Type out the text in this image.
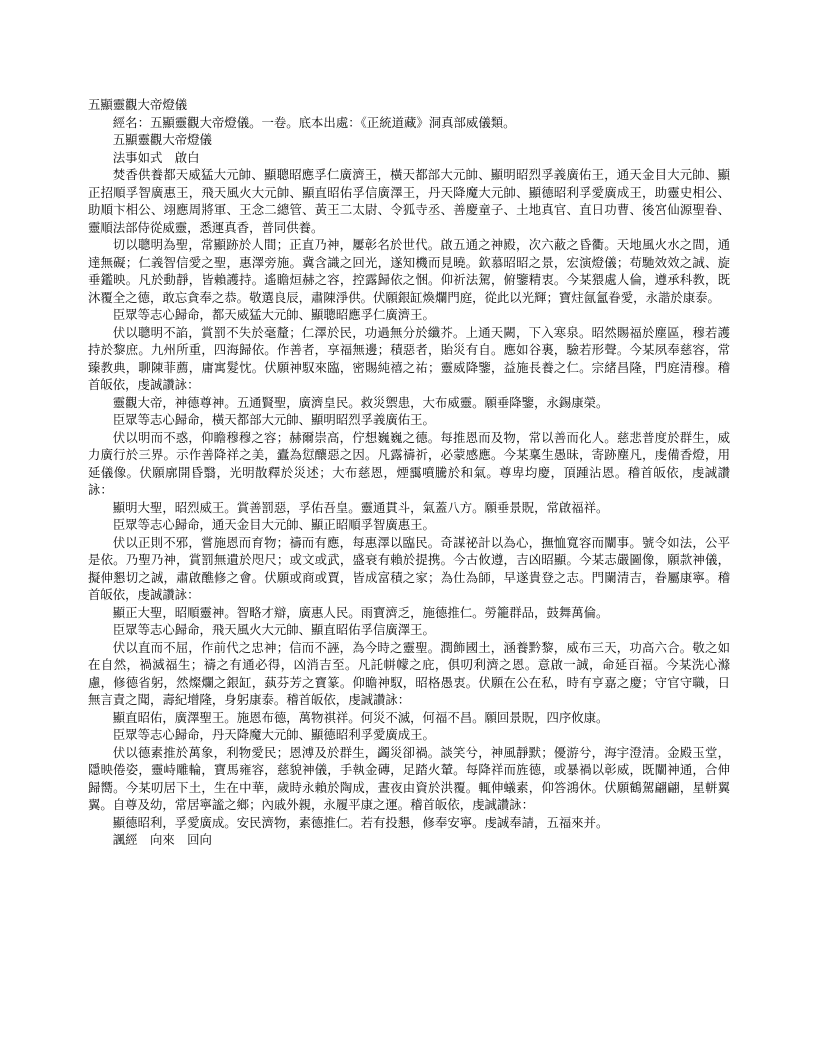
五顯靈觀大帝燈儀
經名：五顯靈觀大帝燈儀。一卷。底本出處：《正統道藏》洞真部威儀類。
五顯靈觀大帝燈儀
法事如式　啟白
焚香供養都天威猛大元帥、顯聰昭應孚仁廣濟王，橫天都部大元帥、顯明昭烈孚義廣佑王，通天金目大元帥、顯正招順孚智廣惠王，飛天風火大元帥、顯直昭佑孚信廣澤王，丹天降魔大元帥、顯德昭利孚愛廣成王，助靈史相公、助順卞相公、翊應周將軍、王念二總管、黃王二太尉、令狐寺丞、善慶童子、土地真官、直日功曹、後宮仙源聖眷、靈順法部侍從威靈，悉運真香，普同供養。
切以聰明為聖，常顯跡於人間；正直乃神，屢彰名於世代。啟五通之神殿，次六蔽之昏衢。天地風火水之間，通達無礙；仁義智信愛之聖，惠澤旁施。冀含識之回光，遂知機而見曉。欽慕昭昭之景，宏演燈儀；苟馳效效之誠、旋垂鑑映。凡於動靜，皆賴護持。遙瞻烜赫之容，控露歸依之悃。仰祈法駕，俯鑒精衷。今某猥處人倫，遵承科教，既沐覆全之德，敢忘貪奉之恭。敬選良辰，肅陳淨供。伏願銀缸煥爛門庭，從此以光輝；寶炷氤氳眷愛，永諧於康泰。
臣眾等志心歸命，都天威猛大元帥、顯聰昭應孚仁廣濟王。
伏以聰明不諂，賞罰不失於毫釐；仁澤於民，功過無分於纖芥。上通天闕，下入寒泉。昭然賜福於塵區，穆若護持於黎庶。九州所重，四海歸依。作善者，享福無邊；積惡者，貽災有自。應如谷裏，驗若形聲。今某夙奉慈容，常臻教典，聊陳菲薦，庸寓髮忱。伏願神馭來臨，密賜純禧之祐；靈威降鑒，益施長養之仁。宗緒昌隆，門庭清穆。稽首皈依，虔誠讚詠：
靈觀大帝，神德尊神。五通賢聖，廣濟皇民。救災禦患，大布威靈。願垂降鑒，永錫康榮。
臣眾等志心歸命，橫天都部大元帥、顯明昭烈孚義廣佑王。
伏以明而不惑，仰瞻穆穆之容；赫爾崇高，佇想巍巍之德。每推恩而及物，常以善而化人。慈悲普度於群生，威力廣行於三界。示作善降祥之美，蠹為愆釀惡之因。凡露禱祈，必蒙感應。今某稟生愚昧，寄跡塵凡，虔備香燈，用延儀像。伏願廓開昏翳，光明散釋於災述；大布慈恩，煙靄噴騰於和氣。尊卑均慶，頂踵沾恩。稽首皈依，虔誠讚詠：
顯明大聖，昭烈威王。賞善罰惡，孚佑吾皇。靈通貫斗，氣蓋八方。願垂景貺，常啟福祥。
臣眾等志心歸命，通天金目大元帥、顯正昭順孚智廣惠王。
伏以正則不邪，嘗施恩而育物；禱而有應，每惠澤以臨民。奇謀祕計以為心，撫恤寬容而闡事。號令如法，公平是依。乃聖乃神，賞罰無遺於咫尺；或文或武，盛衰有賴於提携。今古攸遵，吉凶昭顯。今某志嚴圖像，願款神儀，擬伸懇切之誠，肅啟醮修之會。伏願或商或賈，皆成富積之家；為仕為師，早遂貴登之志。門闌清吉，眷屬康寧。稽首皈依，虔誠讚詠：
顯正大聖，昭順靈神。智略才辯，廣惠人民。雨寶濟乏，施德推仁。勞籠群品，鼓舞萬倫。
臣眾等志心歸命，飛天風火大元帥、顯直昭佑孚信廣澤王。
伏以直而不屈，作前代之忠神；信而不誣，為今時之靈聖。潤飾國土，涵養黔黎，威布三天，功高六合。敬之如在自然，禍滅福生；禱之有通必得，凶消吉至。凡託帡幪之庇，俱叨利濟之恩。意啟一誠，命延百福。今某洗心滌慮，修德省躬，然燦爛之銀缸，蓺芬芳之寶篆。仰瞻神馭，昭格愚衷。伏願在公在私，時有亨嘉之慶；守官守職，日無言責之聞，壽紀增隆，身躬康泰。稽首皈依，虔誠讚詠：
顯直昭佑，廣澤聖王。施恩布德，萬物祺祥。何災不滅，何福不昌。願回景貺，四序攸康。
臣眾等志心歸命，丹天降魔大元帥、顯德昭利孚愛廣成王。
伏以德素推於萬象，利物愛民；恩溥及於群生，蠲災卻禍。談笑兮，神風靜默；優游兮，海宇澄清。金殿玉堂，隱映倦姿，靈峙雕輪，寶馬雍容，慈貌神儀，手執金磚，足踏火輦。每降祥而旌德，或暴禍以彰威，既闡神通，合伸歸嚮。今某叨居下土，生在中華，歲時永賴於陶成，晝夜由資於洪覆。輒伸蟻素，仰答鴻休。伏願鶴駕翩翩，星軿翼翼。自尊及幼，常居寧謐之鄉；內戚外親，永履平康之運。稽首皈依，虔誠讚詠：
顯德昭利，孚愛廣成。安民濟物，素德推仁。若有投懇，修奉安寧。虔誠奉請，五福來并。
諷經　向來　回向
